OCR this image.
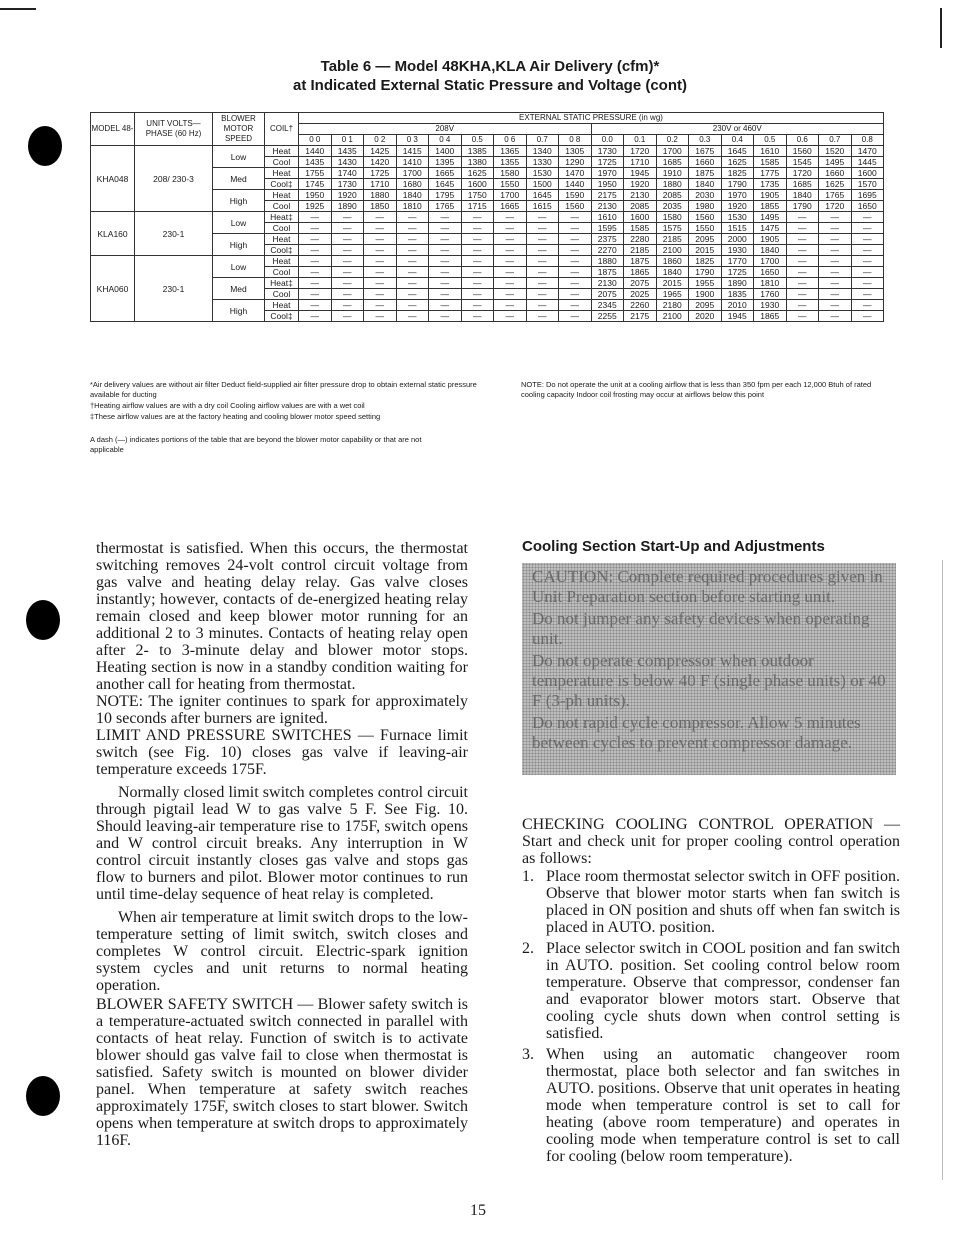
Table 6 — Model 48KHA,KLA Air Delivery (cfm)*
at Indicated External Static Pressure and Voltage (cont)
MODEL 48-	UNIT VOLTS— PHASE (60 Hz)	BLOWER MOTOR SPEED	COIL†	EXTERNAL STATIC PRESSURE (in wg)																	
				208V									230V or 460V								
				0 0	0 1	0 2	0 3	0 4	0.5	0 6	0.7	0 8	0.0	0.1	0.2	0.3	0.4	0.5	0.6	0.7	0.8
KHA048	208/ 230-3	Low	Heat	1440	1435	1425	1415	1400	1385	1365	1340	1305	1730	1720	1700	1675	1645	1610	1560	1520	1470
			Cool	1435	1430	1420	1410	1395	1380	1355	1330	1290	1725	1710	1685	1660	1625	1585	1545	1495	1445
		Med	Heat	1755	1740	1725	1700	1665	1625	1580	1530	1470	1970	1945	1910	1875	1825	1775	1720	1660	1600
			Cool‡	1745	1730	1710	1680	1645	1600	1550	1500	1440	1950	1920	1880	1840	1790	1735	1685	1625	1570
		High	Heat	1950	1920	1880	1840	1795	1750	1700	1645	1590	2175	2130	2085	2030	1970	1905	1840	1765	1695
			Cool	1925	1890	1850	1810	1765	1715	1665	1615	1560	2130	2085	2035	1980	1920	1855	1790	1720	1650
KLA160	230-1	Low	Heat‡	—	—	—	—	—	—	—	—	—	1610	1600	1580	1560	1530	1495	—	—	—
			Cool	—	—	—	—	—	—	—	—	—	1595	1585	1575	1550	1515	1475	—	—	—
		High	Heat	—	—	—	—	—	—	—	—	—	2375	2280	2185	2095	2000	1905	—	—	—
			Cool‡	—	—	—	—	—	—	—	—	—	2270	2185	2100	2015	1930	1840	—	—	—
KHA060	230-1	Low	Heat	—	—	—	—	—	—	—	—	—	1880	1875	1860	1825	1770	1700	—	—	—
			Cool	—	—	—	—	—	—	—	—	—	1875	1865	1840	1790	1725	1650	—	—	—
		Med	Heat‡	—	—	—	—	—	—	—	—	—	2130	2075	2015	1955	1890	1810	—	—	—
			Cool	—	—	—	—	—	—	—	—	—	2075	2025	1965	1900	1835	1760	—	—	—
		High	Heat	—	—	—	—	—	—	—	—	—	2345	2260	2180	2095	2010	1930	—	—	—
			Cool‡	—	—	—	—	—	—	—	—	—	2255	2175	2100	2020	1945	1865	—	—	—
*Air delivery values are without air filter Deduct field-supplied air filter pressure drop to obtain external static pressure available for ducting
†Heating airflow values are with a dry coil Cooling airflow values are with a wet coil
‡These airflow values are at the factory heating and cooling blower motor speed setting
A dash (—) indicates portions of the table that are beyond the blower motor capability or that are not applicable
NOTE: Do not operate the unit at a cooling airflow that is less than 350 fpm per each 12,000 Btuh of rated cooling capacity Indoor coil frosting may occur at airflows below this point

thermostat is satisfied. When this occurs, the thermostat switching removes 24-volt control circuit voltage from gas valve and heating delay relay. Gas valve closes instantly; however, contacts of de-energized heating relay remain closed and keep blower motor running for an additional 2 to 3 minutes. Contacts of heating relay open after 2- to 3-minute delay and blower motor stops. Heating section is now in a standby condition waiting for another call for heating from thermostat.

NOTE: The igniter continues to spark for approximately 10 seconds after burners are ignited.

LIMIT AND PRESSURE SWITCHES — Furnace limit switch (see Fig. 10) closes gas valve if leaving-air temperature exceeds 175F.

Normally closed limit switch completes control circuit through pigtail lead W to gas valve 5 F. See Fig. 10. Should leaving-air temperature rise to 175F, switch opens and W control circuit breaks. Any interruption in W control circuit instantly closes gas valve and stops gas flow to burners and pilot. Blower motor continues to run until time-delay sequence of heat relay is completed.

When air temperature at limit switch drops to the low-temperature setting of limit switch, switch closes and completes W control circuit. Electric-spark ignition system cycles and unit returns to normal heating operation.

BLOWER SAFETY SWITCH — Blower safety switch is a temperature-actuated switch connected in parallel with contacts of heat relay. Function of switch is to activate blower should gas valve fail to close when thermostat is satisfied. Safety switch is mounted on blower divider panel. When temperature at safety switch reaches approximately 175F, switch closes to start blower. Switch opens when temperature at switch drops to approximately 116F.

Cooling Section Start-Up and Adjustments

CAUTION: Complete required procedures given in Unit Preparation section before starting unit.

Do not jumper any safety devices when operating unit.

Do not operate compressor when outdoor temperature is below 40 F (single phase units) or 40 F (3-ph units).

Do not rapid cycle compressor. Allow 5 minutes between cycles to prevent compressor damage.

CHECKING COOLING CONTROL OPERATION — Start and check unit for proper cooling control operation as follows:

1. Place room thermostat selector switch in OFF position. Observe that blower motor starts when fan switch is placed in ON position and shuts off when fan switch is placed in AUTO. position.
2. Place selector switch in COOL position and fan switch in AUTO. position. Set cooling control below room temperature. Observe that compressor, condenser fan and evaporator blower motors start. Observe that cooling cycle shuts down when control setting is satisfied.
3. When using an automatic changeover room thermostat, place both selector and fan switches in AUTO. positions. Observe that unit operates in heating mode when temperature control is set to call for heating (above room temperature) and operates in cooling mode when temperature control is set to call for cooling (below room temperature).
15
